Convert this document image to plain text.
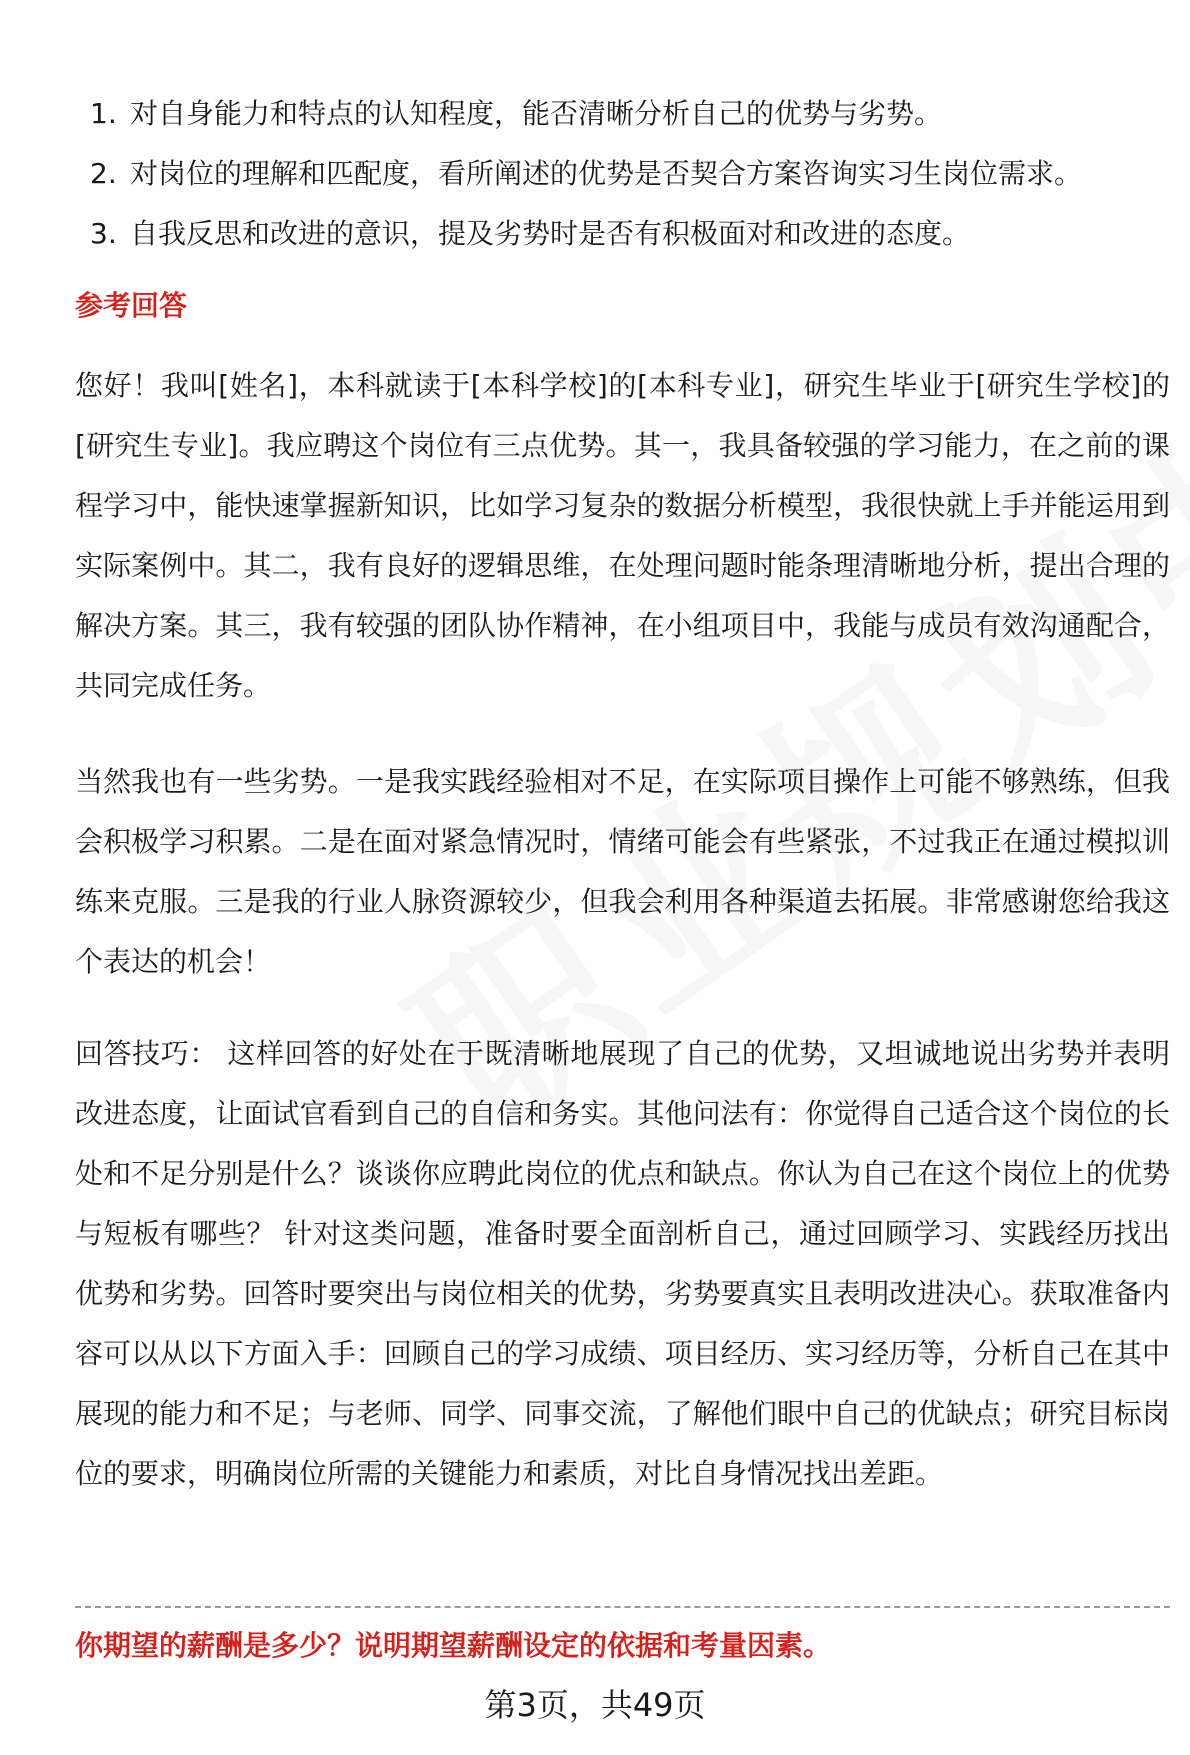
1. 对自身能力和特点的认知程度，能否清晰分析自己的优势与劣势。
2. 对岗位的理解和匹配度，看所阐述的优势是否契合方案咨询实习生岗位需求。
3. 自我反思和改进的意识，提及劣势时是否有积极面对和改进的态度。
参考回答

您好！我叫[姓名]，本科就读于[本科学校]的[本科专业]，研究生毕业于[研究生学校]的[研究生专业]。我应聘这个岗位有三点优势。其一，我具备较强的学习能力，在之前的课程学习中，能快速掌握新知识，比如学习复杂的数据分析模型，我很快就上手并能运用到实际案例中。其二，我有良好的逻辑思维，在处理问题时能条理清晰地分析，提出合理的解决方案。其三，我有较强的团队协作精神，在小组项目中，我能与成员有效沟通配合，共同完成任务。

当然我也有一些劣势。一是我实践经验相对不足，在实际项目操作上可能不够熟练，但我会积极学习积累。二是在面对紧急情况时，情绪可能会有些紧张，不过我正在通过模拟训练来克服。三是我的行业人脉资源较少，但我会利用各种渠道去拓展。非常感谢您给我这个表达的机会！

回答技巧： 这样回答的好处在于既清晰地展现了自己的优势，又坦诚地说出劣势并表明改进态度，让面试官看到自己的自信和务实。其他问法有：你觉得自己适合这个岗位的长处和不足分别是什么？谈谈你应聘此岗位的优点和缺点。你认为自己在这个岗位上的优势与短板有哪些？ 针对这类问题，准备时要全面剖析自己，通过回顾学习、实践经历找出优势和劣势。回答时要突出与岗位相关的优势，劣势要真实且表明改进决心。获取准备内容可以从以下方面入手：回顾自己的学习成绩、项目经历、实习经历等，分析自己在其中展现的能力和不足；与老师、同学、同事交流，了解他们眼中自己的优缺点；研究目标岗位的要求，明确岗位所需的关键能力和素质，对比自身情况找出差距。

你期望的薪酬是多少？说明期望薪酬设定的依据和考量因素。
第3页，共49页
